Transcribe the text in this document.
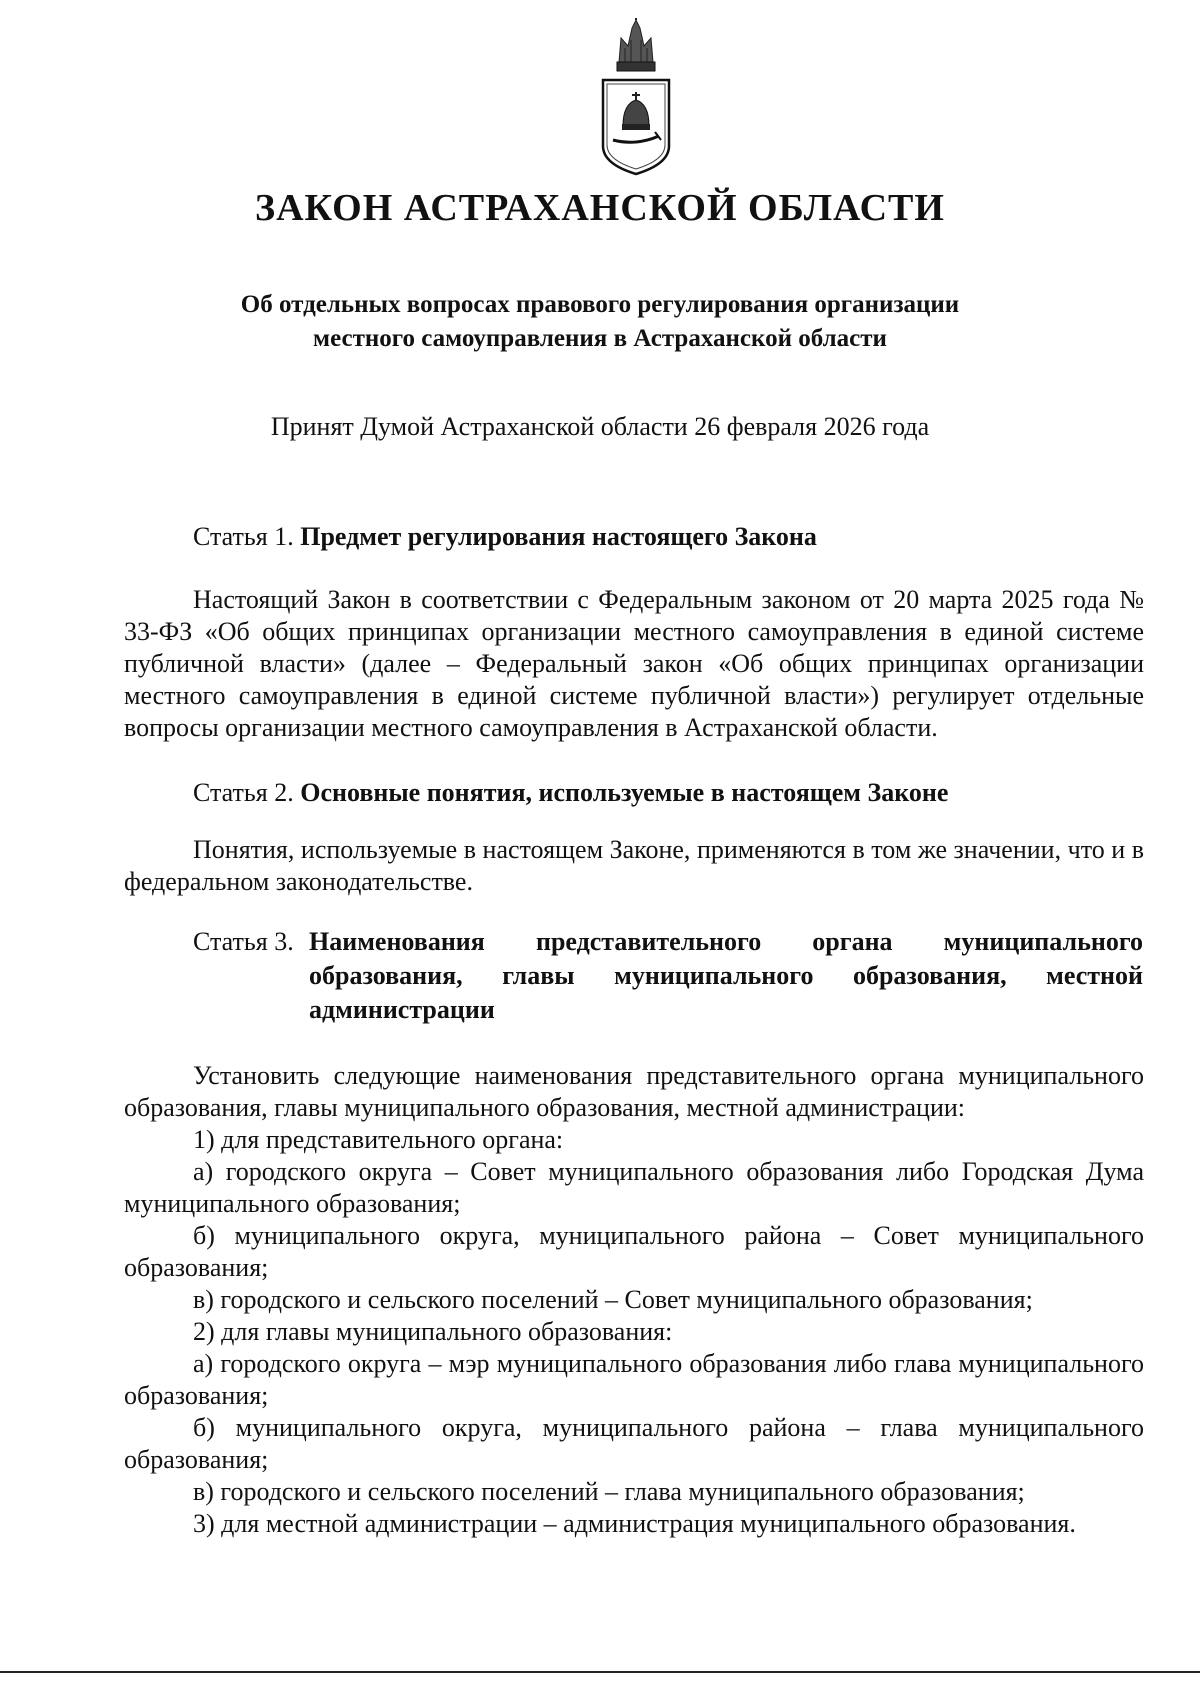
ЗАКОН АСТРАХАНСКОЙ ОБЛАСТИ
Об отдельных вопросах правового регулирования организации
местного самоуправления в Астраханской области
Принят Думой Астраханской области 26 февраля 2026 года
Статья 1. Предмет регулирования настоящего Закона
Настоящий Закон в соответствии с Федеральным законом от 20 марта 2025 года № 33-ФЗ «Об общих принципах организации местного самоуправления в единой системе публичной власти» (далее – Федеральный закон «Об общих принципах организации местного самоуправления в единой системе публичной власти») регулирует отдельные вопросы организации местного самоуправления в Астраханской области.
Статья 2. Основные понятия, используемые в настоящем Законе
Понятия, используемые в настоящем Законе, применяются в том же значении, что и в федеральном законодательстве.
Статья 3. Наименования представительного органа муниципального образования, главы муниципального образования, местной администрации
Установить следующие наименования представительного органа муниципального образования, главы муниципального образования, местной администрации:
1) для представительного органа:
а) городского округа – Совет муниципального образования либо Городская Дума муниципального образования;
б) муниципального округа, муниципального района – Совет муниципального образования;
в) городского и сельского поселений – Совет муниципального образования;
2) для главы муниципального образования:
а) городского округа – мэр муниципального образования либо глава муниципального образования;
б) муниципального округа, муниципального района – глава муниципального образования;
в) городского и сельского поселений – глава муниципального образования;
3) для местной администрации – администрация муниципального образования.
